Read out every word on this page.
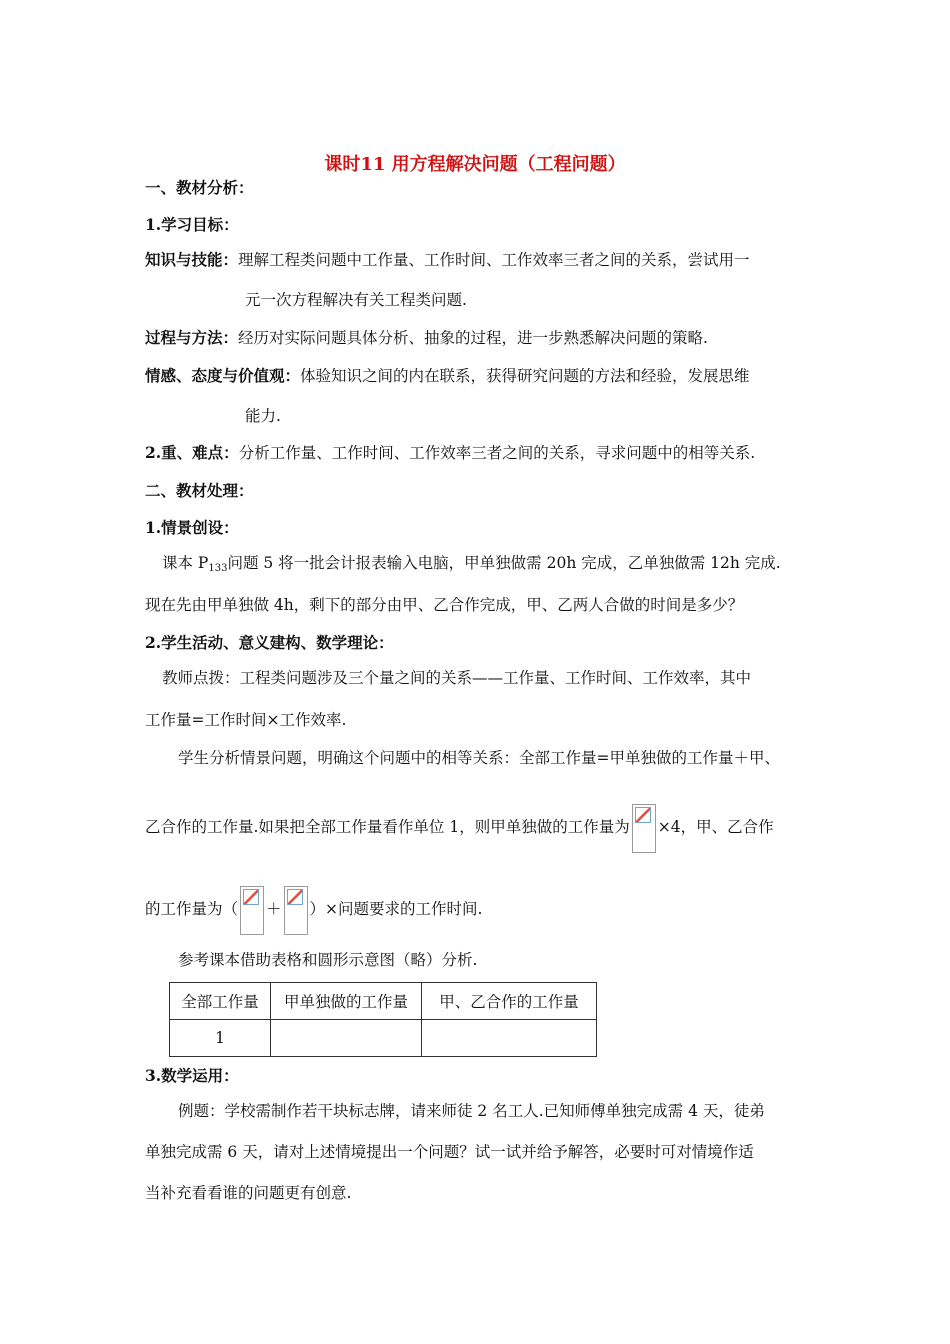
课时11 用方程解决问题（工程问题）
一、教材分析：
1.学习目标：
知识与技能：理解工程类问题中工作量、工作时间、工作效率三者之间的关系，尝试用一
元一次方程解决有关工程类问题.
过程与方法：经历对实际问题具体分析、抽象的过程，进一步熟悉解决问题的策略.
情感、态度与价值观：体验知识之间的内在联系，获得研究问题的方法和经验，发展思维
能力.
2.重、难点：分析工作量、工作时间、工作效率三者之间的关系，寻求问题中的相等关系.
二、教材处理：
1.情景创设：
课本 $P_{133}$问题 5 将一批会计报表输入电脑，甲单独做需 20h 完成，乙单独做需 12h 完成.
现在先由甲单独做 4h，剩下的部分由甲、乙合作完成，甲、乙两人合做的时间是多少？
2.学生活动、意义建构、数学理论：
教师点拨：工程类问题涉及三个量之间的关系——工作量、工作时间、工作效率，其中
工作量=工作时间×工作效率.
学生分析情景问题，明确这个问题中的相等关系：全部工作量=甲单独做的工作量＋甲、
乙合作的工作量.如果把全部工作量看作单位 1，则甲单独做的工作量为 ×4，甲、乙合作
的工作量为（ ＋ ）×问题要求的工作时间.
参考课本借助表格和圆形示意图（略）分析.
全部工作量	甲单独做的工作量	甲、乙合作的工作量
1		
3.数学运用：
例题：学校需制作若干块标志牌，请来师徒 2 名工人.已知师傅单独完成需 4 天，徒弟
单独完成需 6 天，请对上述情境提出一个问题？试一试并给予解答，必要时可对情境作适
当补充看看谁的问题更有创意.
